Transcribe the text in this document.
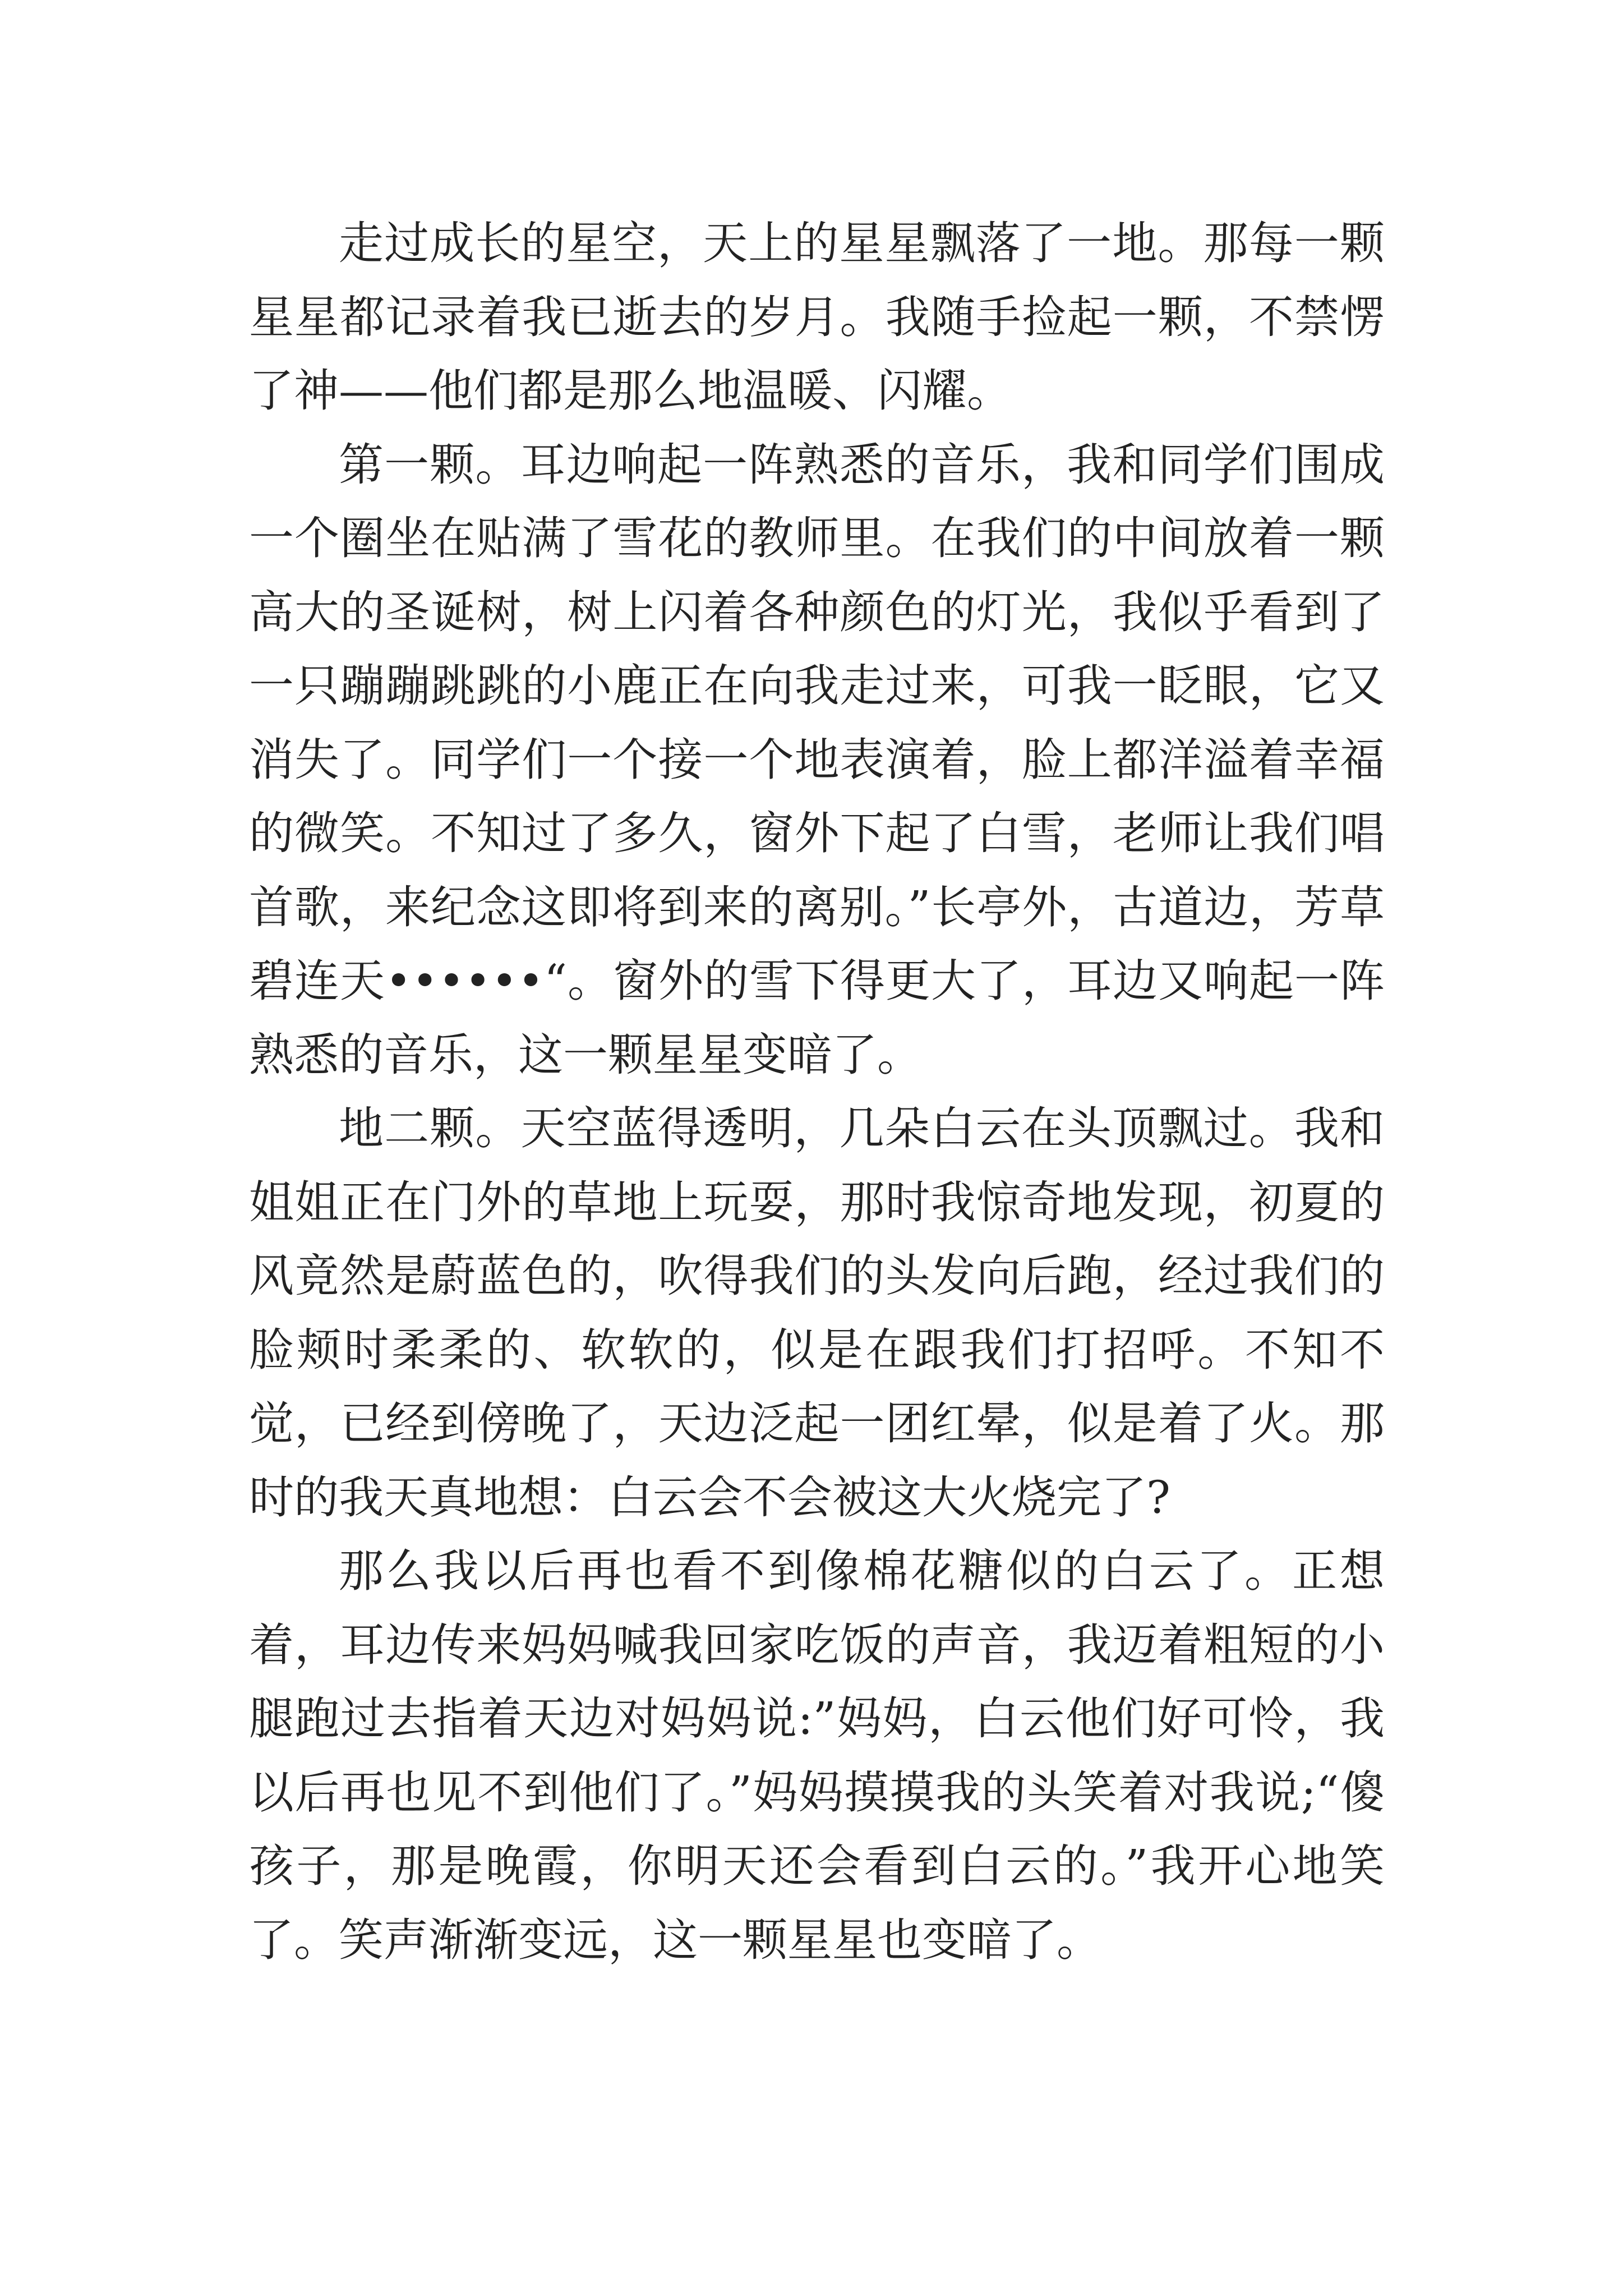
走过成长的星空，天上的星星飘落了一地。那每一颗星星都记录着我已逝去的岁月。我随手捡起一颗，不禁愣了神——他们都是那么地温暖、闪耀。

第一颗。耳边响起一阵熟悉的音乐，我和同学们围成一个圈坐在贴满了雪花的教师里。在我们的中间放着一颗高大的圣诞树，树上闪着各种颜色的灯光，我似乎看到了一只蹦蹦跳跳的小鹿正在向我走过来，可我一眨眼，它又消失了。同学们一个接一个地表演着，脸上都洋溢着幸福的微笑。不知过了多久，窗外下起了白雪，老师让我们唱首歌，来纪念这即将到来的离别。”长亭外，古道边，芳草碧连天••••••“。窗外的雪下得更大了，耳边又响起一阵熟悉的音乐，这一颗星星变暗了。

地二颗。天空蓝得透明，几朵白云在头顶飘过。我和姐姐正在门外的草地上玩耍，那时我惊奇地发现，初夏的风竟然是蔚蓝色的，吹得我们的头发向后跑，经过我们的脸颊时柔柔的、软软的，似是在跟我们打招呼。不知不觉，已经到傍晚了，天边泛起一团红晕，似是着了火。那时的我天真地想：白云会不会被这大火烧完了?

那么我以后再也看不到像棉花糖似的白云了。正想着，耳边传来妈妈喊我回家吃饭的声音，我迈着粗短的小腿跑过去指着天边对妈妈说:”妈妈，白云他们好可怜，我以后再也见不到他们了。”妈妈摸摸我的头笑着对我说;“傻孩子，那是晚霞，你明天还会看到白云的。”我开心地笑了。笑声渐渐变远，这一颗星星也变暗了。
